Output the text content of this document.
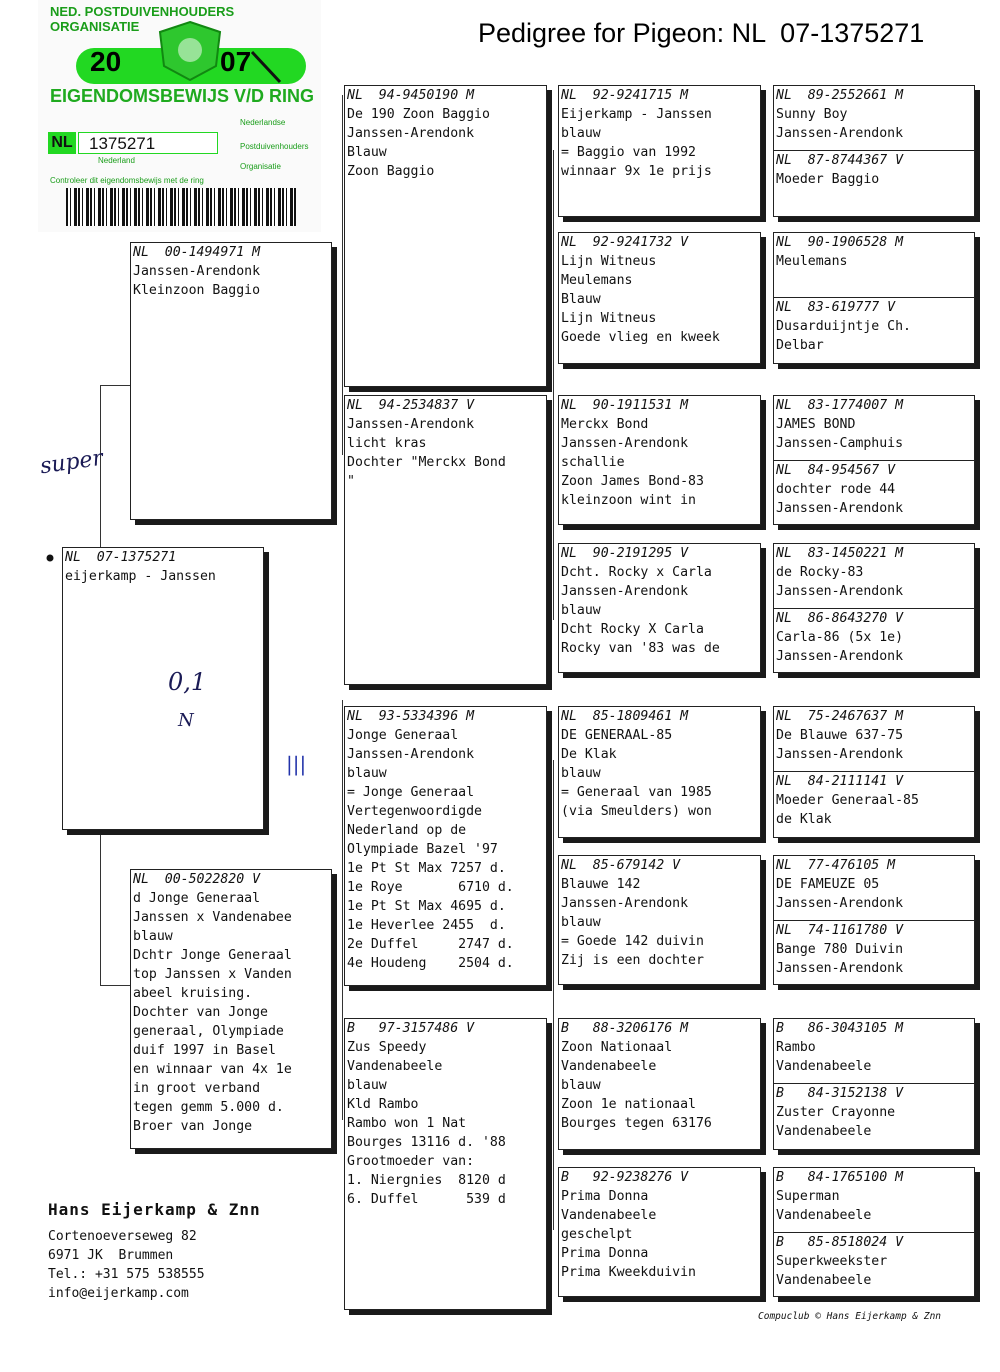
Pedigree for Pigeon: NL  07-1375271
NED. POSTDUIVENHOUDERS ORGANISATIE
20	07
EIGENDOMSBEWIJS V/D RING
NL 1375271
Nederland
Nederlandse
Postduivenhouders
Organisatie
Controleer dit eigendomsbewijs met de ring
NL  07-1375271
eijerkamp - Janssen
NL  00-1494971 M
Janssen-Arendonk
Kleinzoon Baggio
NL  00-5022820 V
d Jonge Generaal
Janssen x Vandenabee
blauw
Dchtr Jonge Generaal
top Janssen x Vanden
abeel kruising.
Dochter van Jonge
generaal, Olympiade
duif 1997 in Basel
en winnaar van 4x 1e
in groot verband
tegen gemm 5.000 d.
Broer van Jonge
NL  94-9450190 M
De 190 Zoon Baggio
Janssen-Arendonk
Blauw
Zoon Baggio
NL  94-2534837 V
Janssen-Arendonk
licht kras
Dochter "Merckx Bond
"
NL  93-5334396 M
Jonge Generaal
Janssen-Arendonk
blauw
= Jonge Generaal
Vertegenwoordigde
Nederland op de
Olympiade Bazel '97
1e Pt St Max 7257 d.
1e Roye       6710 d.
1e Pt St Max 4695 d.
1e Heverlee 2455  d.
2e Duffel     2747 d.
4e Houdeng    2504 d.
B   97-3157486 V
Zus Speedy
Vandenabeele
blauw
Kld Rambo
Rambo won 1 Nat
Bourges 13116 d. '88
Grootmoeder van:
1. Niergnies  8120 d
6. Duffel      539 d
NL  92-9241715 M
Eijerkamp - Janssen
blauw
= Baggio van 1992
winnaar 9x 1e prijs
NL  92-9241732 V
Lijn Witneus
Meulemans
Blauw
Lijn Witneus
Goede vlieg en kweek
NL  90-1911531 M
Merckx Bond
Janssen-Arendonk
schallie
Zoon James Bond-83
kleinzoon wint in
NL  90-2191295 V
Dcht. Rocky x Carla
Janssen-Arendonk
blauw
Dcht Rocky X Carla
Rocky van '83 was de
NL  85-1809461 M
DE GENERAAL-85
De Klak
blauw
= Generaal van 1985
(via Smeulders) won
NL  85-679142 V
Blauwe 142
Janssen-Arendonk
blauw
= Goede 142 duivin
Zij is een dochter
B   88-3206176 M
Zoon Nationaal
Vandenabeele
blauw
Zoon 1e nationaal
Bourges tegen 63176
B   92-9238276 V
Prima Donna
Vandenabeele
geschelpt
Prima Donna
Prima Kweekduivin
NL  89-2552661 M
Sunny Boy
Janssen-Arendonk
NL  87-8744367 V
Moeder Baggio
NL  90-1906528 M
Meulemans
NL  83-619777 V
Dusarduijntje Ch.
Delbar
NL  83-1774007 M
JAMES BOND
Janssen-Camphuis
NL  84-954567 V
dochter rode 44
Janssen-Arendonk
NL  83-1450221 M
de Rocky-83
Janssen-Arendonk
NL  86-8643270 V
Carla-86 (5x 1e)
Janssen-Arendonk
NL  75-2467637 M
De Blauwe 637-75
Janssen-Arendonk
NL  84-2111141 V
Moeder Generaal-85
de Klak
NL  77-476105 M
DE FAMEUZE 05
Janssen-Arendonk
NL  74-1161780 V
Bange 780 Duivin
Janssen-Arendonk
B   86-3043105 M
Rambo
Vandenabeele
B   84-3152138 V
Zuster Crayonne
Vandenabeele
B   84-1765100 M
Superman
Vandenabeele
B   85-8518024 V
Superkweekster
Vandenabeele
super
0,1
N
|||
Hans Eijerkamp & Znn
Cortenoeverseweg 82
6971 JK  Brummen
Tel.: +31 575 538555
info@eijerkamp.com
Compuclub © Hans Eijerkamp & Znn
